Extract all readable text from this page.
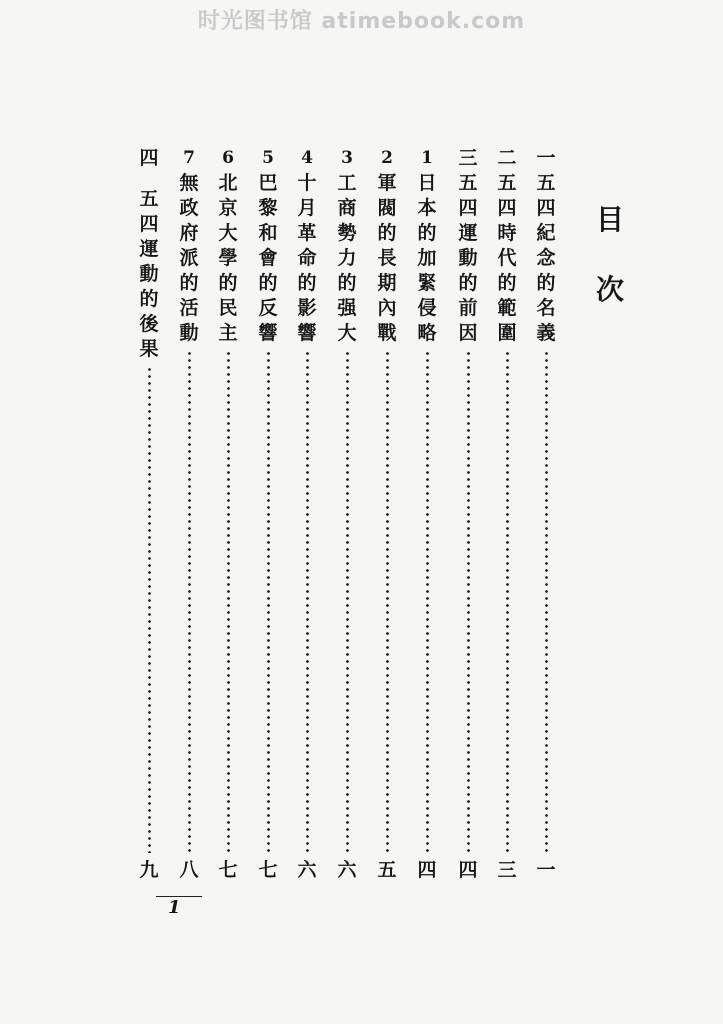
时光图书馆 atimebook.com
目
次
一
五
四
紀
念
的
名
義
一
二
五
四
時
代
的
範
圍
三
三
五
四
運
動
的
前
因
四
1
日
本
的
加
緊
侵
略
四
2
軍
閥
的
長
期
內
戰
五
3
工
商
勢
力
的
强
大
六
4
十
月
革
命
的
影
響
六
5
巴
黎
和
會
的
反
響
七
6
北
京
大
學
的
民
主
七
7
無
政
府
派
的
活
動
八
四
五
四
運
動
的
後
果
九
1
